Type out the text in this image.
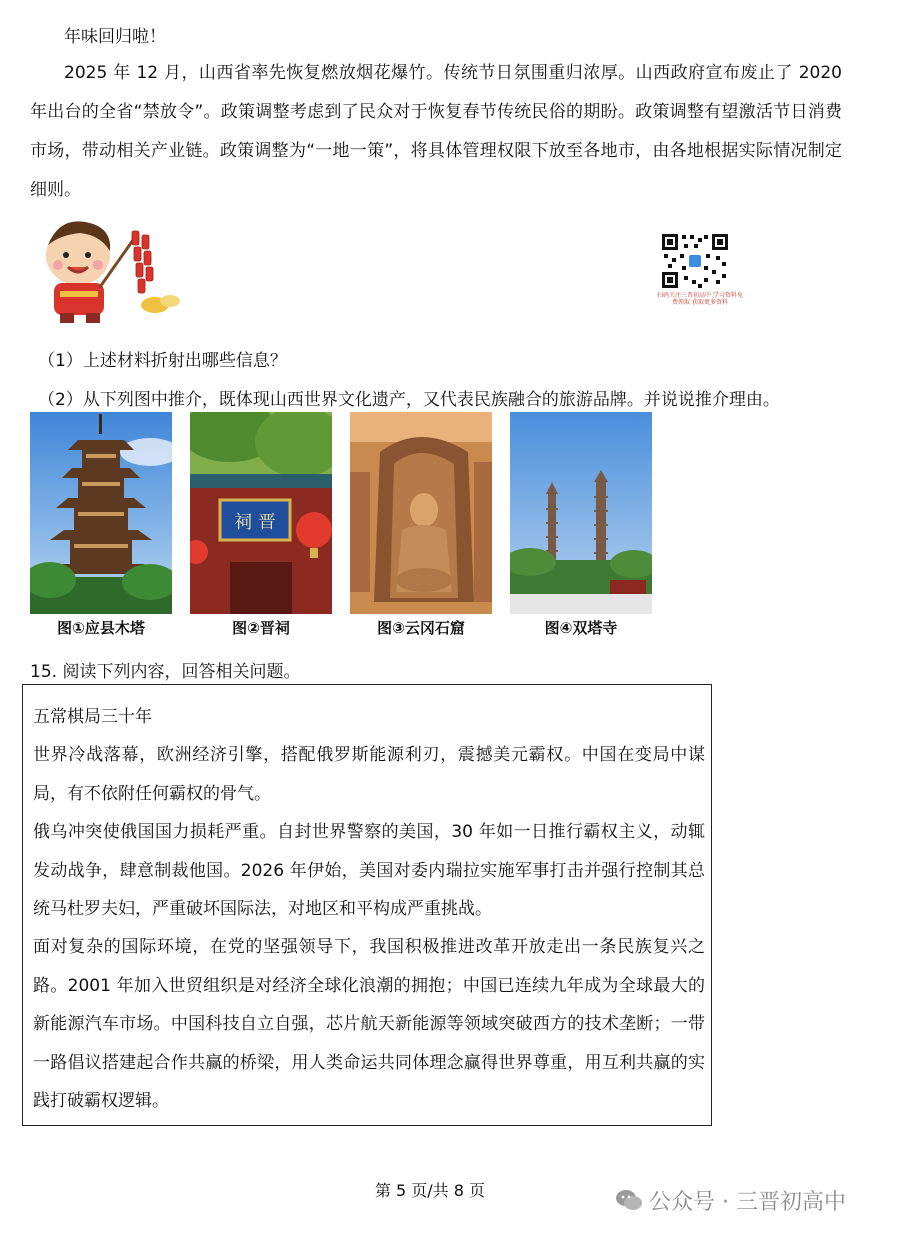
年味回归啦！

2025 年 12 月，山西省率先恢复燃放烟花爆竹。传统节日氛围重归浓厚。山西政府宣布废止了 2020 年出台的全省“禁放令”。政策调整考虑到了民众对于恢复春节传统民俗的期盼。政策调整有望激活节日消费市场，带动相关产业链。政策调整为“一地一策”，将具体管理权限下放至各地市，由各地根据实际情况制定细则。

扫码关注三晋初高中 学习资料免费领取 获取更多资料
（1）上述材料折射出哪些信息？
（2）从下列图中推介，既体现山西世界文化遗产，又代表民族融合的旅游品牌。并说说推介理由。
图①应县木塔
祠 晋
图②晋祠	图③云冈石窟	图④双塔寺
15. 阅读下列内容，回答相关问题。

五常棋局三十年

世界冷战落幕，欧洲经济引擎，搭配俄罗斯能源利刃，震撼美元霸权。中国在变局中谋局，有不依附任何霸权的骨气。

俄乌冲突使俄国国力损耗严重。自封世界警察的美国，30 年如一日推行霸权主义，动辄发动战争，肆意制裁他国。2026 年伊始，美国对委内瑞拉实施军事打击并强行控制其总统马杜罗夫妇，严重破坏国际法，对地区和平构成严重挑战。

面对复杂的国际环境，在党的坚强领导下，我国积极推进改革开放走出一条民族复兴之路。2001 年加入世贸组织是对经济全球化浪潮的拥抱；中国已连续九年成为全球最大的新能源汽车市场。中国科技自立自强，芯片航天新能源等领域突破西方的技术垄断；一带一路倡议搭建起合作共赢的桥梁，用人类命运共同体理念赢得世界尊重，用互利共赢的实践打破霸权逻辑。

第 5 页/共 8 页	公众号 · 三晋初高中
